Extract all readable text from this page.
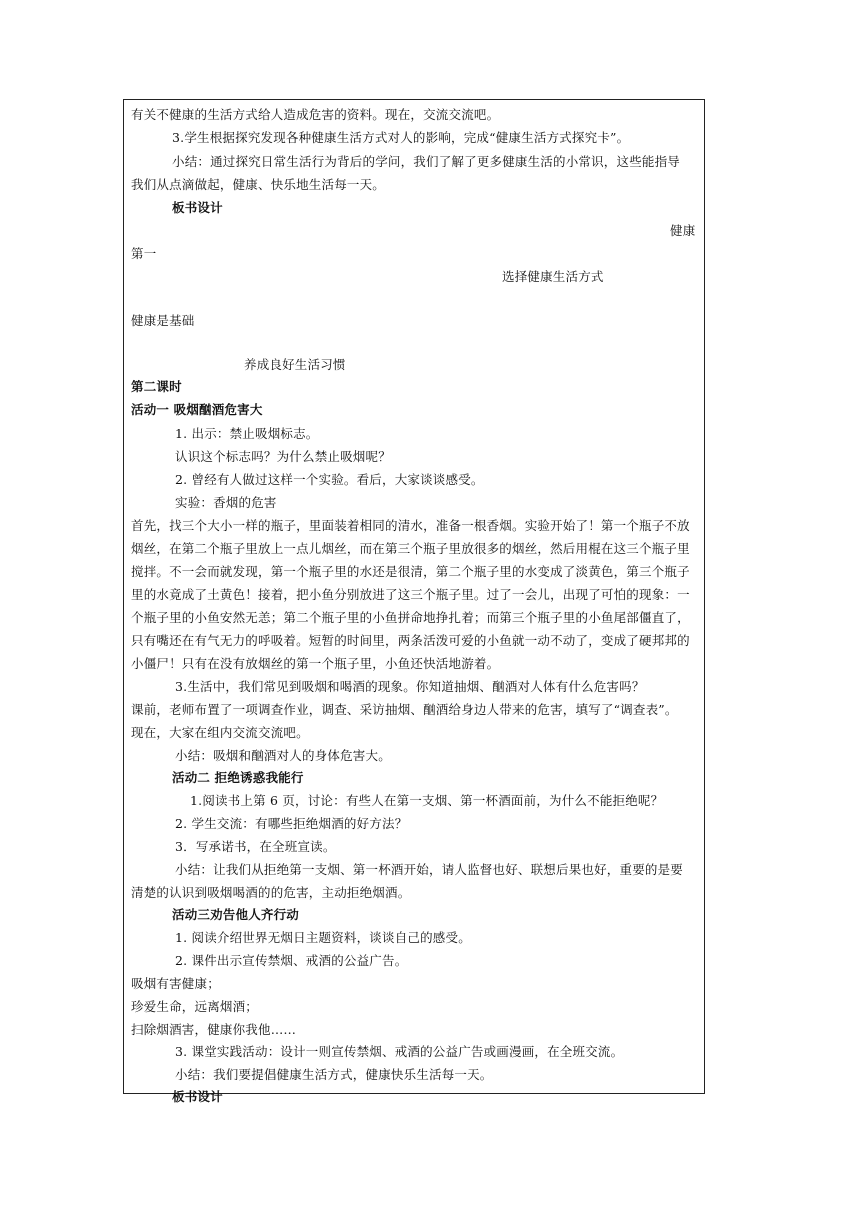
有关不健康的生活方式给人造成危害的资料。现在，交流交流吧。
3.学生根据探究发现各种健康生活方式对人的影响，完成“健康生活方式探究卡”。
小结：通过探究日常生活行为背后的学问，我们了解了更多健康生活的小常识，这些能指导
我们从点滴做起，健康、快乐地生活每一天。
板书设计
健康
第一
选择健康生活方式
健康是基础
养成良好生活习惯
第二课时
活动一 吸烟酗酒危害大
1. 出示：禁止吸烟标志。
认识这个标志吗？为什么禁止吸烟呢？
2. 曾经有人做过这样一个实验。看后，大家谈谈感受。
实验：香烟的危害
首先，找三个大小一样的瓶子，里面装着相同的清水，准备一根香烟。实验开始了！第一个瓶子不放
烟丝，在第二个瓶子里放上一点儿烟丝，而在第三个瓶子里放很多的烟丝，然后用棍在这三个瓶子里
搅拌。不一会而就发现，第一个瓶子里的水还是很清，第二个瓶子里的水变成了淡黄色，第三个瓶子
里的水竟成了土黄色！接着，把小鱼分别放进了这三个瓶子里。过了一会儿，出现了可怕的现象：一
个瓶子里的小鱼安然无恙；第二个瓶子里的小鱼拼命地挣扎着；而第三个瓶子里的小鱼尾部僵直了，
只有嘴还在有气无力的呼吸着。短暂的时间里，两条活泼可爱的小鱼就一动不动了，变成了硬邦邦的
小僵尸！只有在没有放烟丝的第一个瓶子里，小鱼还快活地游着。
3.生活中，我们常见到吸烟和喝酒的现象。你知道抽烟、酗酒对人体有什么危害吗？
课前，老师布置了一项调查作业，调查、采访抽烟、酗酒给身边人带来的危害，填写了“调查表”。
现在，大家在组内交流交流吧。
小结：吸烟和酗酒对人的身体危害大。
活动二 拒绝诱惑我能行
1.阅读书上第 6 页，讨论：有些人在第一支烟、第一杯酒面前，为什么不能拒绝呢？
2. 学生交流：有哪些拒绝烟酒的好方法？
3．写承诺书，在全班宣读。
小结：让我们从拒绝第一支烟、第一杯酒开始，请人监督也好、联想后果也好，重要的是要
清楚的认识到吸烟喝酒的的危害，主动拒绝烟酒。
活动三劝告他人齐行动
1. 阅读介绍世界无烟日主题资料，谈谈自己的感受。
2. 课件出示宣传禁烟、戒酒的公益广告。
吸烟有害健康；
珍爱生命，远离烟酒；
扫除烟酒害，健康你我他……
3. 课堂实践活动：设计一则宣传禁烟、戒酒的公益广告或画漫画，在全班交流。
小结：我们要提倡健康生活方式，健康快乐生活每一天。
板书设计
